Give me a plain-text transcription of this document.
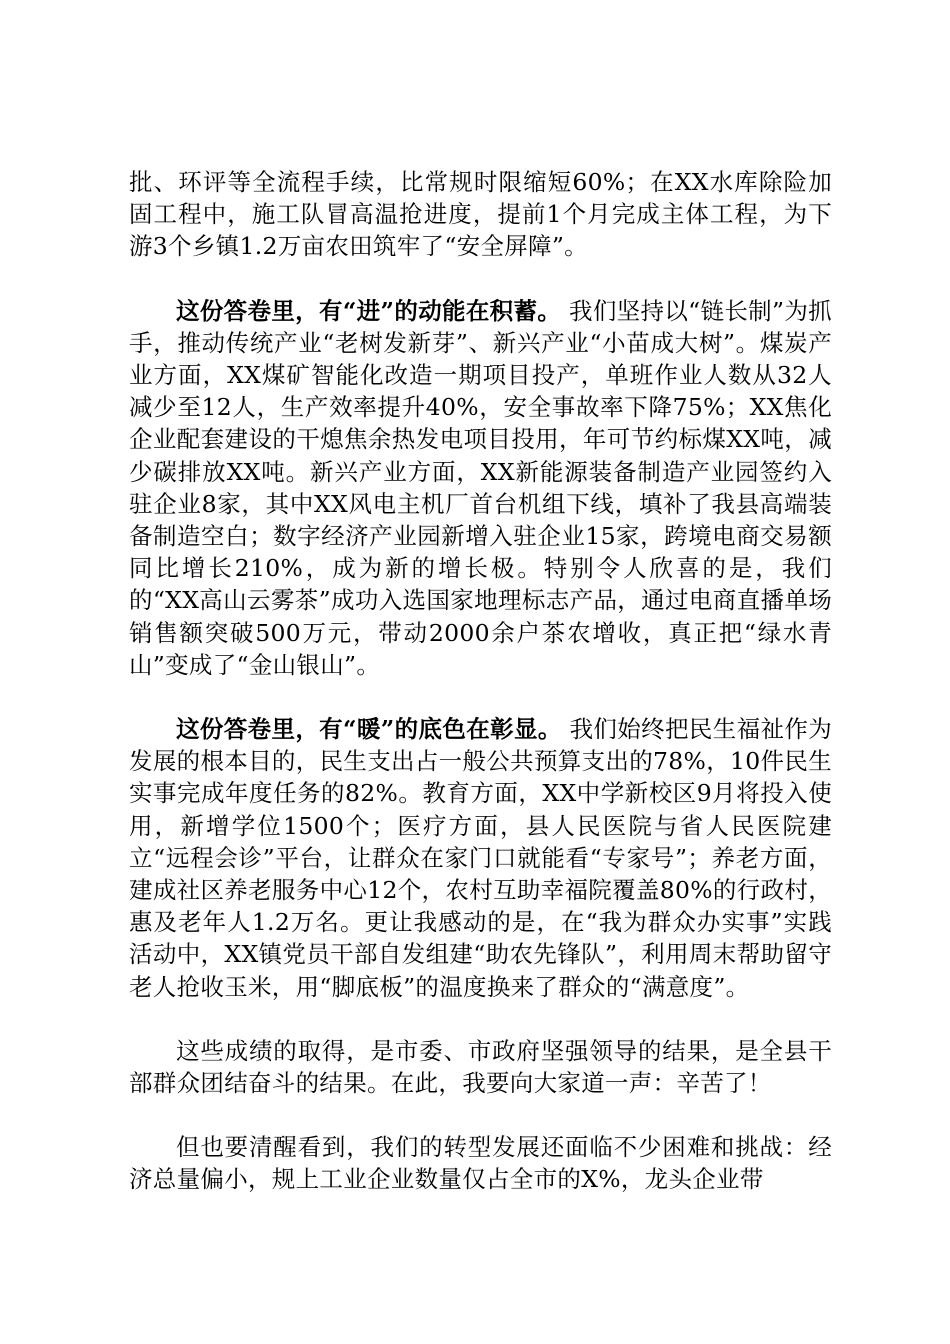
批、环评等全流程手续，比常规时限缩短60%；在XX水库除险加固工程中，施工队冒高温抢进度，提前1个月完成主体工程，为下游3个乡镇1.2万亩农田筑牢了“安全屏障”。

这份答卷里，有“进”的动能在积蓄。 我们坚持以“链长制”为抓手，推动传统产业“老树发新芽”、新兴产业“小苗成大树”。煤炭产业方面，XX煤矿智能化改造一期项目投产，单班作业人数从32人减少至12人，生产效率提升40%，安全事故率下降75%；XX焦化企业配套建设的干熄焦余热发电项目投用，年可节约标煤XX吨，减少碳排放XX吨。新兴产业方面，XX新能源装备制造产业园签约入驻企业8家，其中XX风电主机厂首台机组下线，填补了我县高端装备制造空白；数字经济产业园新增入驻企业15家，跨境电商交易额同比增长210%，成为新的增长极。特别令人欣喜的是，我们的“XX高山云雾茶”成功入选国家地理标志产品，通过电商直播单场销售额突破500万元，带动2000余户茶农增收，真正把“绿水青山”变成了“金山银山”。

这份答卷里，有“暖”的底色在彰显。 我们始终把民生福祉作为发展的根本目的，民生支出占一般公共预算支出的78%，10件民生实事完成年度任务的82%。教育方面，XX中学新校区9月将投入使用，新增学位1500个；医疗方面，县人民医院与省人民医院建立“远程会诊”平台，让群众在家门口就能看“专家号”；养老方面，建成社区养老服务中心12个，农村互助幸福院覆盖80%的行政村，惠及老年人1.2万名。更让我感动的是，在“我为群众办实事”实践活动中，XX镇党员干部自发组建“助农先锋队”，利用周末帮助留守老人抢收玉米，用“脚底板”的温度换来了群众的“满意度”。

这些成绩的取得，是市委、市政府坚强领导的结果，是全县干部群众团结奋斗的结果。在此，我要向大家道一声：辛苦了！

但也要清醒看到，我们的转型发展还面临不少困难和挑战：经济总量偏小，规上工业企业数量仅占全市的X%，龙头企业带
